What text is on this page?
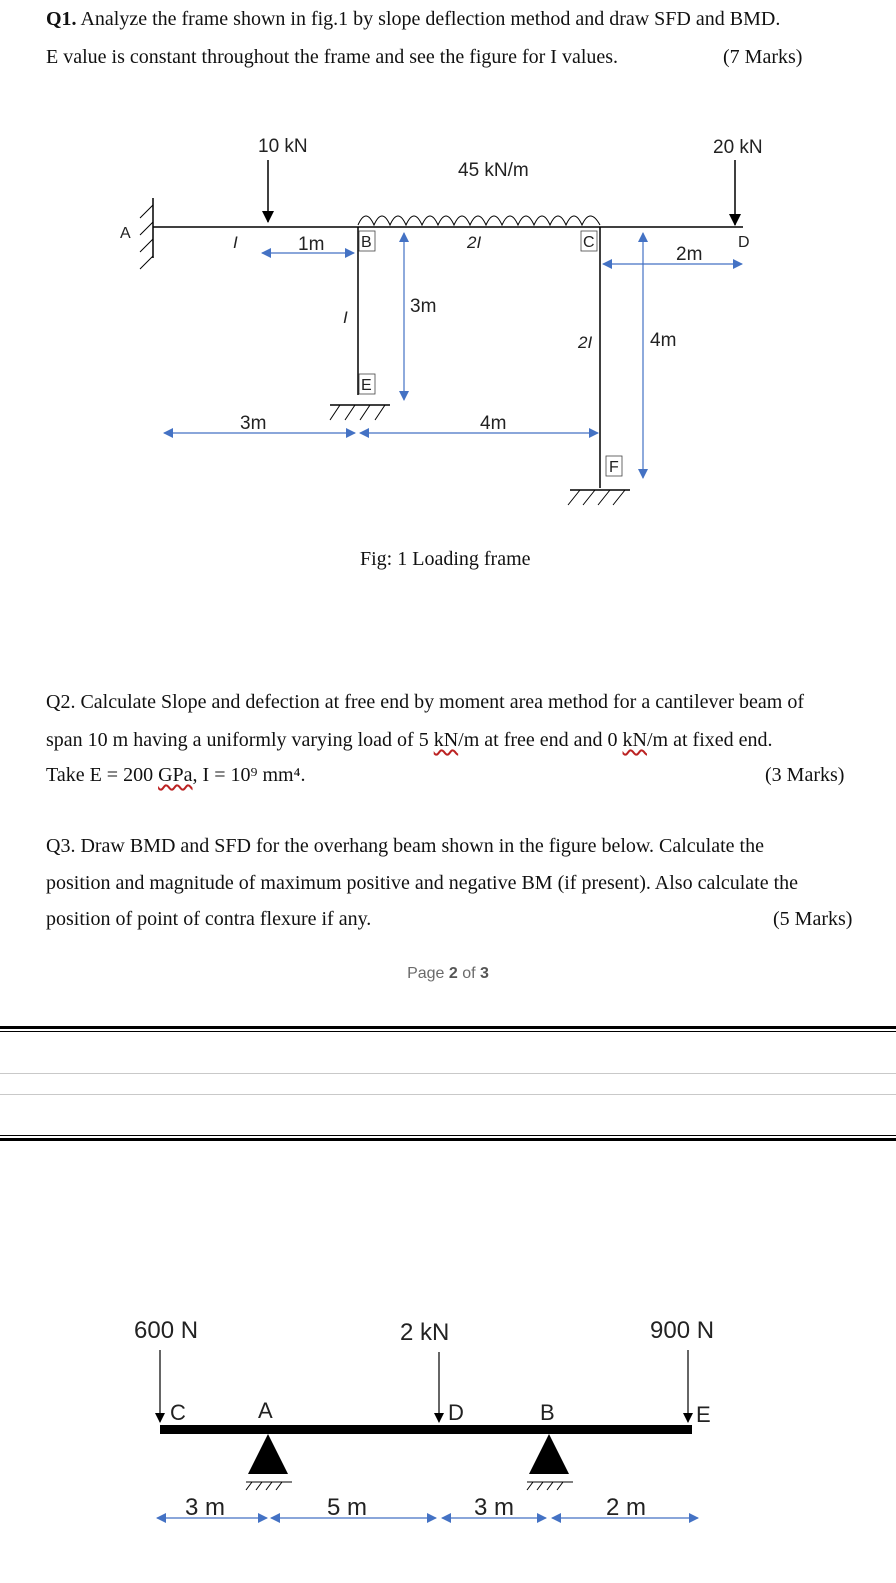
Q1. Analyze the frame shown in fig.1 by slope deflection method and draw SFD and BMD.
E value is constant throughout the frame and see the figure for I values.	(7 Marks)
45 kN/m
10 kN	20 kN
A
B	C	D
E
F
I
I
2I
2I
1m
3m
2m
4m
3m	4m
Fig: 1 Loading frame
Q2. Calculate Slope and defection at free end by moment area method for a cantilever beam of
span 10 m having a uniformly varying load of 5 kN/m at free end and 0 kN/m at fixed end.
Take E = 200 GPa, I = 10⁹ mm⁴.	(3 Marks)
Q3. Draw BMD and SFD for the overhang beam shown in the figure below. Calculate the
position and magnitude of maximum positive and negative BM (if present). Also calculate the
position of point of contra flexure if any.	(5 Marks)
Page 2 of 3
600 N	2 kN	900 N
C	A	D	B	E
3 m	5 m	3 m	2 m
